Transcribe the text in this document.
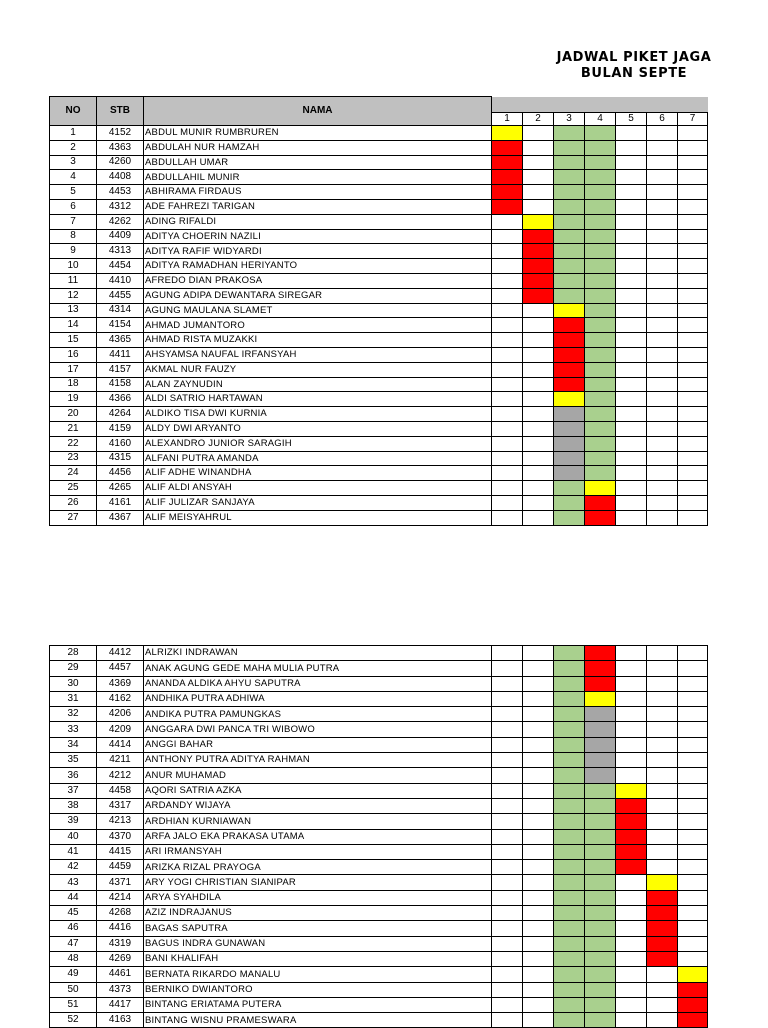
JADWAL PIKET JAGA
BULAN SEPTE
NO	STB	NAMA							
			1	2	3	4	5	6	7
1	4152	ABDUL MUNIR RUMBRUREN							
2	4363	ABDULAH NUR HAMZAH							
3	4260	ABDULLAH UMAR							
4	4408	ABDULLAHIL MUNIR							
5	4453	ABHIRAMA FIRDAUS							
6	4312	ADE FAHREZI TARIGAN							
7	4262	ADING RIFALDI							
8	4409	ADITYA CHOERIN NAZILI							
9	4313	ADITYA RAFIF WIDYARDI							
10	4454	ADITYA RAMADHAN HERIYANTO							
11	4410	AFREDO DIAN PRAKOSA							
12	4455	AGUNG ADIPA DEWANTARA SIREGAR							
13	4314	AGUNG MAULANA SLAMET							
14	4154	AHMAD JUMANTORO							
15	4365	AHMAD RISTA MUZAKKI							
16	4411	AHSYAMSA NAUFAL IRFANSYAH							
17	4157	AKMAL NUR FAUZY							
18	4158	ALAN ZAYNUDIN							
19	4366	ALDI SATRIO HARTAWAN							
20	4264	ALDIKO TISA DWI KURNIA							
21	4159	ALDY DWI ARYANTO							
22	4160	ALEXANDRO JUNIOR SARAGIH							
23	4315	ALFANI PUTRA AMANDA							
24	4456	ALIF ADHE WINANDHA							
25	4265	ALIF ALDI ANSYAH							
26	4161	ALIF JULIZAR SANJAYA							
27	4367	ALIF MEISYAHRUL							
28	4412	ALRIZKI INDRAWAN							
29	4457	ANAK AGUNG GEDE MAHA MULIA PUTRA							
30	4369	ANANDA ALDIKA AHYU SAPUTRA							
31	4162	ANDHIKA PUTRA ADHIWA							
32	4206	ANDIKA PUTRA PAMUNGKAS							
33	4209	ANGGARA DWI PANCA TRI WIBOWO							
34	4414	ANGGI BAHAR							
35	4211	ANTHONY PUTRA ADITYA RAHMAN							
36	4212	ANUR MUHAMAD							
37	4458	AQORI SATRIA AZKA							
38	4317	ARDANDY WIJAYA							
39	4213	ARDHIAN KURNIAWAN							
40	4370	ARFA JALO EKA PRAKASA UTAMA							
41	4415	ARI IRMANSYAH							
42	4459	ARIZKA RIZAL PRAYOGA							
43	4371	ARY YOGI CHRISTIAN SIANIPAR							
44	4214	ARYA SYAHDILA							
45	4268	AZIZ INDRAJANUS							
46	4416	BAGAS SAPUTRA							
47	4319	BAGUS INDRA GUNAWAN							
48	4269	BANI KHALIFAH							
49	4461	BERNATA RIKARDO MANALU							
50	4373	BERNIKO DWIANTORO							
51	4417	BINTANG ERIATAMA PUTERA							
52	4163	BINTANG WISNU PRAMESWARA							
